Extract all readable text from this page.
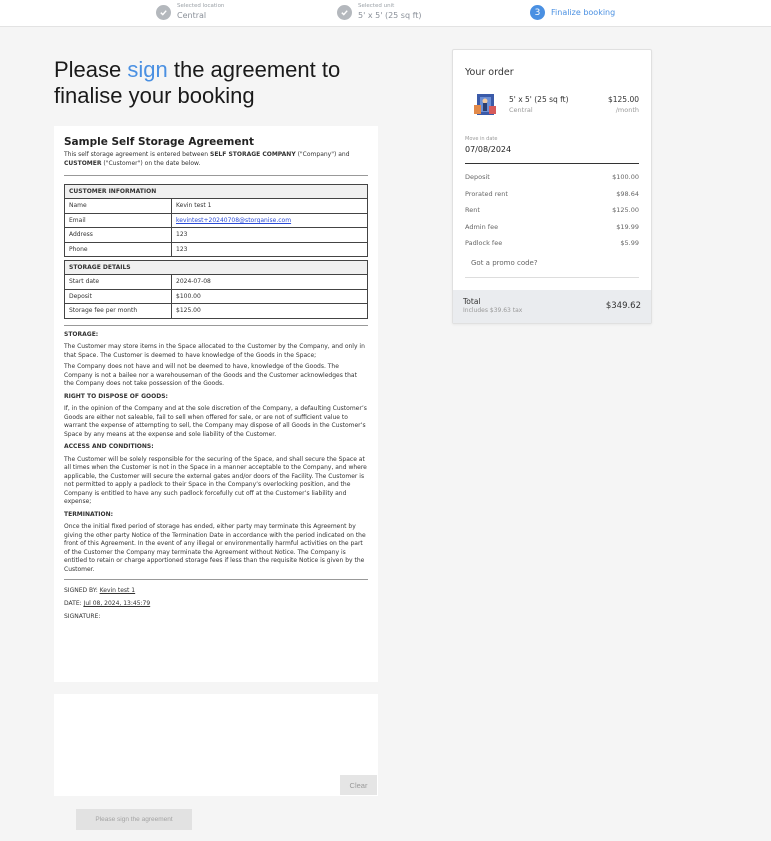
Selected location
Central
Selected unit
5' x 5' (25 sq ft)	3	Finalize booking
Please sign the agreement to finalise your booking
Sample Self Storage Agreement
This self storage agreement is entered between SELF STORAGE COMPANY ("Company") and CUSTOMER ("Customer") on the date below.
CUSTOMER INFORMATION	
Name	Kevin test 1
Email	kevintest+20240708@storganise.com
Address	123
Phone	123
STORAGE DETAILS	
Start date	2024-07-08
Deposit	$100.00
Storage fee per month	$125.00
STORAGE:

The Customer may store items in the Space allocated to the Customer by the Company, and only in that Space. The Customer is deemed to have knowledge of the Goods in the Space;

The Company does not have and will not be deemed to have, knowledge of the Goods. The Company is not a bailee nor a warehouseman of the Goods and the Customer acknowledges that the Company does not take possession of the Goods.

RIGHT TO DISPOSE OF GOODS:

If, in the opinion of the Company and at the sole discretion of the Company, a defaulting Customer’s Goods are either not saleable, fail to sell when offered for sale, or are not of sufficient value to warrant the expense of attempting to sell, the Company may dispose of all Goods in the Customer’s Space by any means at the expense and sole liability of the Customer.

ACCESS AND CONDITIONS:

The Customer will be solely responsible for the securing of the Space, and shall secure the Space at all times when the Customer is not in the Space in a manner acceptable to the Company, and where applicable, the Customer will secure the external gates and/or doors of the Facility. The Customer is not permitted to apply a padlock to their Space in the Company’s overlocking position, and the Company is entitled to have any such padlock forcefully cut off at the Customer’s liability and expense;

TERMINATION:

Once the initial fixed period of storage has ended, either party may terminate this Agreement by giving the other party Notice of the Termination Date in accordance with the period indicated on the front of this Agreement. In the event of any illegal or environmentally harmful activities on the part of the Customer the Company may terminate the Agreement without Notice. The Company is entitled to retain or charge apportioned storage fees if less than the requisite Notice is given by the Customer.

SIGNED BY: Kevin test 1
DATE: Jul 08, 2024, 13:45:79
SIGNATURE:
Clear
Please sign the agreement
Your order
5' x 5' (25 sq ft)
Central
$125.00
/month
Move in date
07/08/2024
Deposit	$100.00
Prorated rent	$98.64
Rent	$125.00
Admin fee	$19.99
Padlock fee	$5.99
Got a promo code?
Total
Includes $39.63 tax	$349.62
